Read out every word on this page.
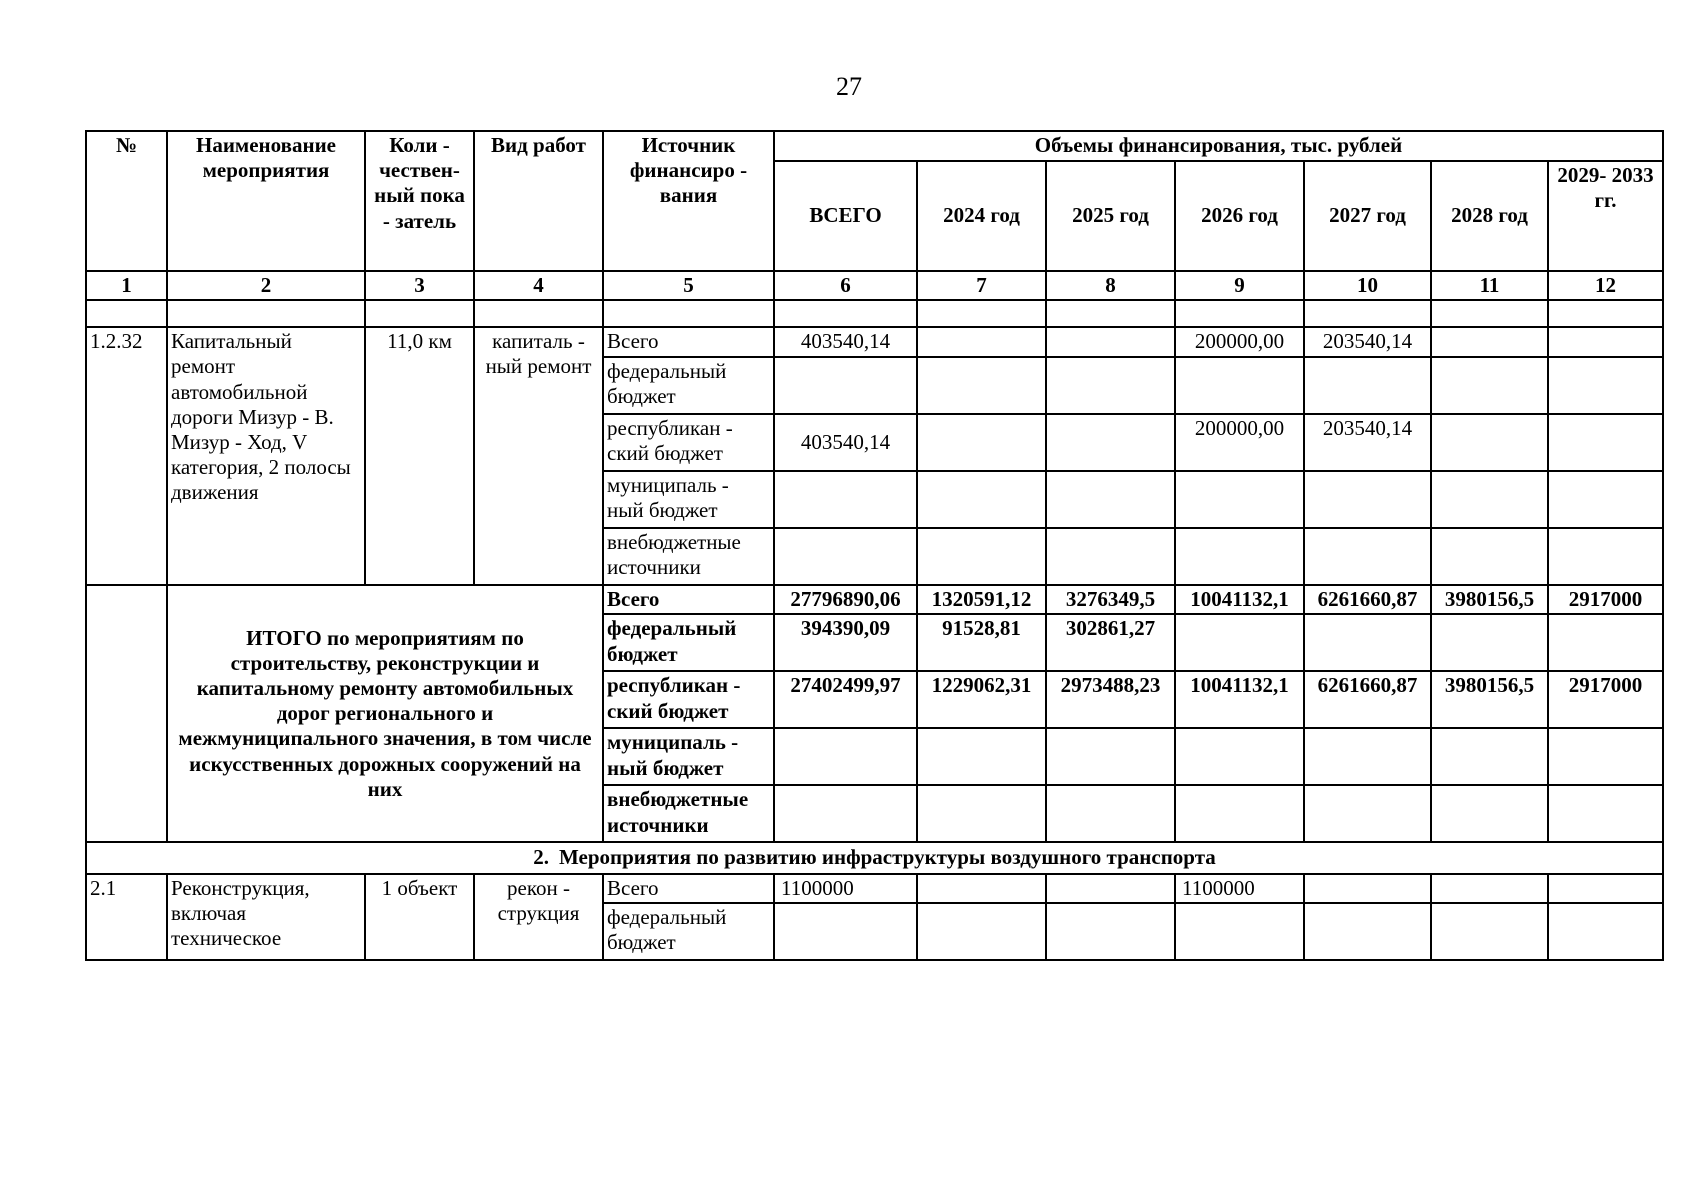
27
№	Наименование мероприятия	Коли - чествен- ный пока - затель	Вид работ	Источник финансиро - вания	Объемы финансирования, тыс. рублей						
					ВСЕГО	2024 год	2025 год	2026 год	2027 год	2028 год	2029- 2033 гг.
1	2	3	4	5	6	7	8	9	10	11	12

1.2.32	Капитальный ремонт автомобильной дороги Мизур - В. Мизур - Ход, V категория, 2 полосы движения	11,0 км	капиталь - ный ремонт	Всего	403540,14			200000,00	203540,14		
				федеральный бюджет							
				республикан - ский бюджет	403540,14			200000,00	203540,14		
				муниципаль - ный бюджет							
				внебюджетные источники							
	ИТОГО по мероприятиям по строительству, реконструкции и капитальному ремонту автомобильных дорог регионального и межмуниципального значения, в том числе искусственных дорожных сооружений на них			Всего	27796890,06	1320591,12	3276349,5	10041132,1	6261660,87	3980156,5	2917000
				федеральный бюджет	394390,09	91528,81	302861,27				
				республикан - ский бюджет	27402499,97	1229062,31	2973488,23	10041132,1	6261660,87	3980156,5	2917000
				муниципаль - ный бюджет							
				внебюджетные источники							
2. Мероприятия по развитию инфраструктуры воздушного транспорта											
2.1	Реконструкция, включая техническое	1 объект	рекон - струкция	Всего	1100000			1100000			
				федеральный бюджет							
